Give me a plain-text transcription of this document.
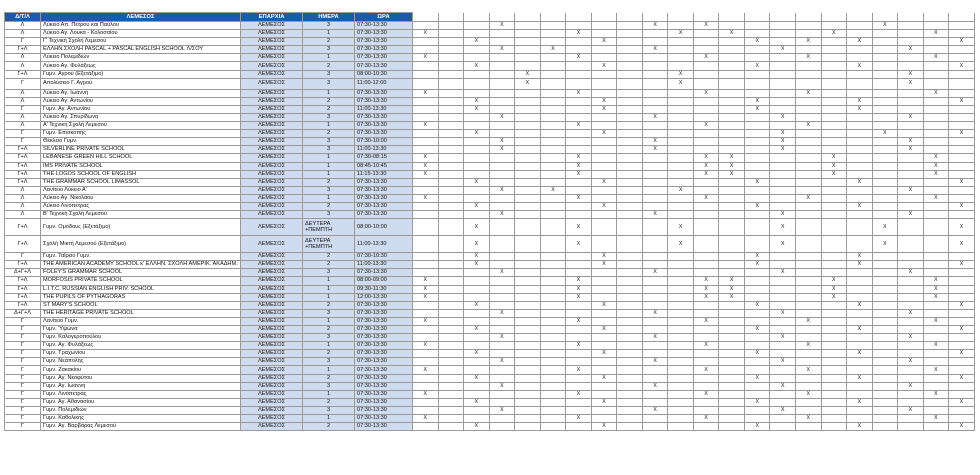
Δ/Τ/Λ	ΛΕΜΕΣΟΣ	ΕΠΑΡΧΙΑ	ΗΜΕΡΑ	ΩΡΑ																						
Λ	Λύκειο Απ. Πέτρου και Παύλου	ΛΕΜΕΣΟΣ	3	07:30-13:30				X						X		X							X			
Λ	Λύκειο Αγ. Λουκά - Κολοσσίου	ΛΕΜΕΣΟΣ	1	07:30-13:30	X						X				X		X				X				X	
Γ	Γ' Τεχνική Σχολή Λεμεσού	ΛΕΜΕΣΟΣ	2	07:30-13:30			X					X						X		X		X				X
Γ+Λ	ΕΛΛΗΝ.ΣΧΟΛΗ PASCAL + PASCAL ENGLISH SCHOOL Λ/ΣΟΥ	ΛΕΜΕΣΟΣ	3	07:30-13:30				X		X				X					X					X		
Λ	Λύκειο Πολεμιδιών	ΛΕΜΕΣΟΣ	1	07:30-13:30	X						X					X				X					X	
Λ	Λύκειο Αγ. Φυλάξεως	ΛΕΜΕΣΟΣ	2	07:30-13:30			X					X						X				X				X
Γ+Λ	Γυμν. Αγρού (Εξετάξιμο)	ΛΕΜΕΣΟΣ	3	08:00-10:30					X						X									X		
Γ	Απολύσειο Γ. Αγρού	ΛΕΜΕΣΟΣ	3	11:00-12:00					X						X									X		
Λ	Λύκειο Αγ. Ιωάννη	ΛΕΜΕΣΟΣ	1	07:30-13:30	X						X					X				X					X	
Λ	Λύκειο Αγ. Αντωνίου	ΛΕΜΕΣΟΣ	2	07:30-13:30			X					X						X				X				X
Γ	Γυμν. Αγ. Αντωνίου	ΛΕΜΕΣΟΣ	2	11:00-13:30			X					X						X				X				
Λ	Λύκειο Αγ. Σπυρίδωνα	ΛΕΜΕΣΟΣ	3	07:30-13:30				X						X					X					X		
Λ	Α' Τεχνική Σχολή Λεμεσού	ΛΕΜΕΣΟΣ	1	07:30-13:30	X						X					X				X						
Γ	Γυμν. Επισκοπής	ΛΕΜΕΣΟΣ	2	07:30-13:30			X					X							X				X			X
Γ	Θέκλειο Γυμν.	ΛΕΜΕΣΟΣ	3	07:30-10:00				X						X					X					X		
Γ+Λ	SILVERLINE PRIVATE SCHOOL	ΛΕΜΕΣΟΣ	3	11:00-13:30				X						X					X					X		
Γ+Λ	LEBANESE GREEN HILL SCHOOL	ΛΕΜΕΣΟΣ	1	07:30-08:15	X						X					X	X				X				X	
Γ+Λ	IMS PRIVATE SCHOOL	ΛΕΜΕΣΟΣ	1	08:45-10:45	X						X					X	X				X				X	
Γ+Λ	THE LOGOS SCHOOL OF ENGLISH	ΛΕΜΕΣΟΣ	1	11:15-13:30	X						X					X	X				X				X	
Γ+Λ	THE GRAMMAR SCHOOL LIMASSOL	ΛΕΜΕΣΟΣ	2	07:30-13:30			X					X						X				X				X
Λ	Λανίτειο Λύκειο Α'	ΛΕΜΕΣΟΣ	3	07:30-13:30				X		X					X									X		
Λ	Λύκειο Αγ. Νικολάου	ΛΕΜΕΣΟΣ	1	07:30-13:30	X						X					X				X					X	
Λ	Λύκειο Λινόπετρας	ΛΕΜΕΣΟΣ	2	07:30-13:30			X					X						X				X				X
Λ	Β' Τεχνική Σχολή Λεμεσού	ΛΕΜΕΣΟΣ	3	07:30-13:30				X						X					X					X		
Γ+Λ	Γυμν. Ομόδους (Εξετάξιμο)	ΛΕΜΕΣΟΣ	ΔΕΥΤΕΡΑ +ΠΕΜΠΤΗ	08:00-10:00			X				X				X				X				X			X
Γ+Λ	Σχολή Μικτή Λεμεσού (Εξετάξιμο)	ΛΕΜΕΣΟΣ	ΔΕΥΤΕΡΑ +ΠΕΜΠΤΗ	11:00-13:30			X				X				X				X				X			X
Γ	Γυμν. Ταΐρειο Γυμν.	ΛΕΜΕΣΟΣ	2	07:30-10:30			X					X						X				X				
Γ+Λ	THE AMERICAN ACADEMY SCHOOL κ' ΕΛΛΗΝ. ΣΧΟΛΗ ΑΜΕΡΙΚ. ΑΚΑΔΗΜ.	ΛΕΜΕΣΟΣ	2	11:00-13:30			X					X						X				X				X
Δ+Γ+Λ	FOLEY'S GRAMMAR SCHOOL	ΛΕΜΕΣΟΣ	3	07:30-13:30				X						X					X					X		
Γ+Λ	MORFOSIS PRIVATE SCHOOL	ΛΕΜΕΣΟΣ	1	08:00-09:00	X						X					X	X				X				X	
Γ+Λ	L.I.T.C. RUSSIAN ENGLISH PRIV. SCHOOL	ΛΕΜΕΣΟΣ	1	09:30-11:30	X						X					X	X				X				X	
Γ+Λ	THE PUPILS OF PYTHAGORAS	ΛΕΜΕΣΟΣ	1	12:00-13:30	X						X					X	X				X				X	
Γ+Λ	ST MARY'S SCHOOL	ΛΕΜΕΣΟΣ	2	07:30-13:30			X					X						X				X				X
Δ+Γ+Λ	THE HERITAGE PRIVATE SCHOOL	ΛΕΜΕΣΟΣ	3	07:30-13:30				X						X					X					X		
Γ	Λανίτειο Γυμν.	ΛΕΜΕΣΟΣ	1	07:30-13:30	X						X					X				X					X	
Γ	Γυμν. Ύψωνα	ΛΕΜΕΣΟΣ	2	07:30-13:30			X					X						X				X				X
Γ	Γυμν. Καλογεροπούλου	ΛΕΜΕΣΟΣ	3	07:30-13:30				X						X					X					X		
Γ	Γυμν. Αγ. Φυλάξεως	ΛΕΜΕΣΟΣ	1	07:30-13:30	X						X					X				X					X	
Γ	Γυμν. Τραχωνίου	ΛΕΜΕΣΟΣ	2	07:30-13:30			X					X						X				X				X
Γ	Γυμν. Νεάπολης	ΛΕΜΕΣΟΣ	3	07:30-13:30				X						X					X					X		
Γ	Γυμν. Ζακακίου	ΛΕΜΕΣΟΣ	1	07:30-13:30	X						X					X				X					X	
Γ	Γυμν. Αγ. Νεοφύτου	ΛΕΜΕΣΟΣ	2	07:30-13:30			X					X						X				X				X
Γ	Γυμν. Αγ. Ιωάννη	ΛΕΜΕΣΟΣ	3	07:30-13:30				X						X					X					X		
Γ	Γυμν. Λινόπετρας	ΛΕΜΕΣΟΣ	1	07:30-13:30	X						X					X				X					X	
Γ	Γυμν. Αγ. Αθανασίου	ΛΕΜΕΣΟΣ	2	07:30-13:30			X					X						X				X				X
Γ	Γυμν. Πολεμιδιών	ΛΕΜΕΣΟΣ	3	07:30-13:30				X						X					X					X		
Γ	Γυμν. Καθολικής	ΛΕΜΕΣΟΣ	1	07:30-13:30	X						X					X				X					X	
Γ	Γυμν. Αγ. Βαρβάρας Λεμεσού	ΛΕΜΕΣΟΣ	2	07:30-13:30			X					X						X				X				X
